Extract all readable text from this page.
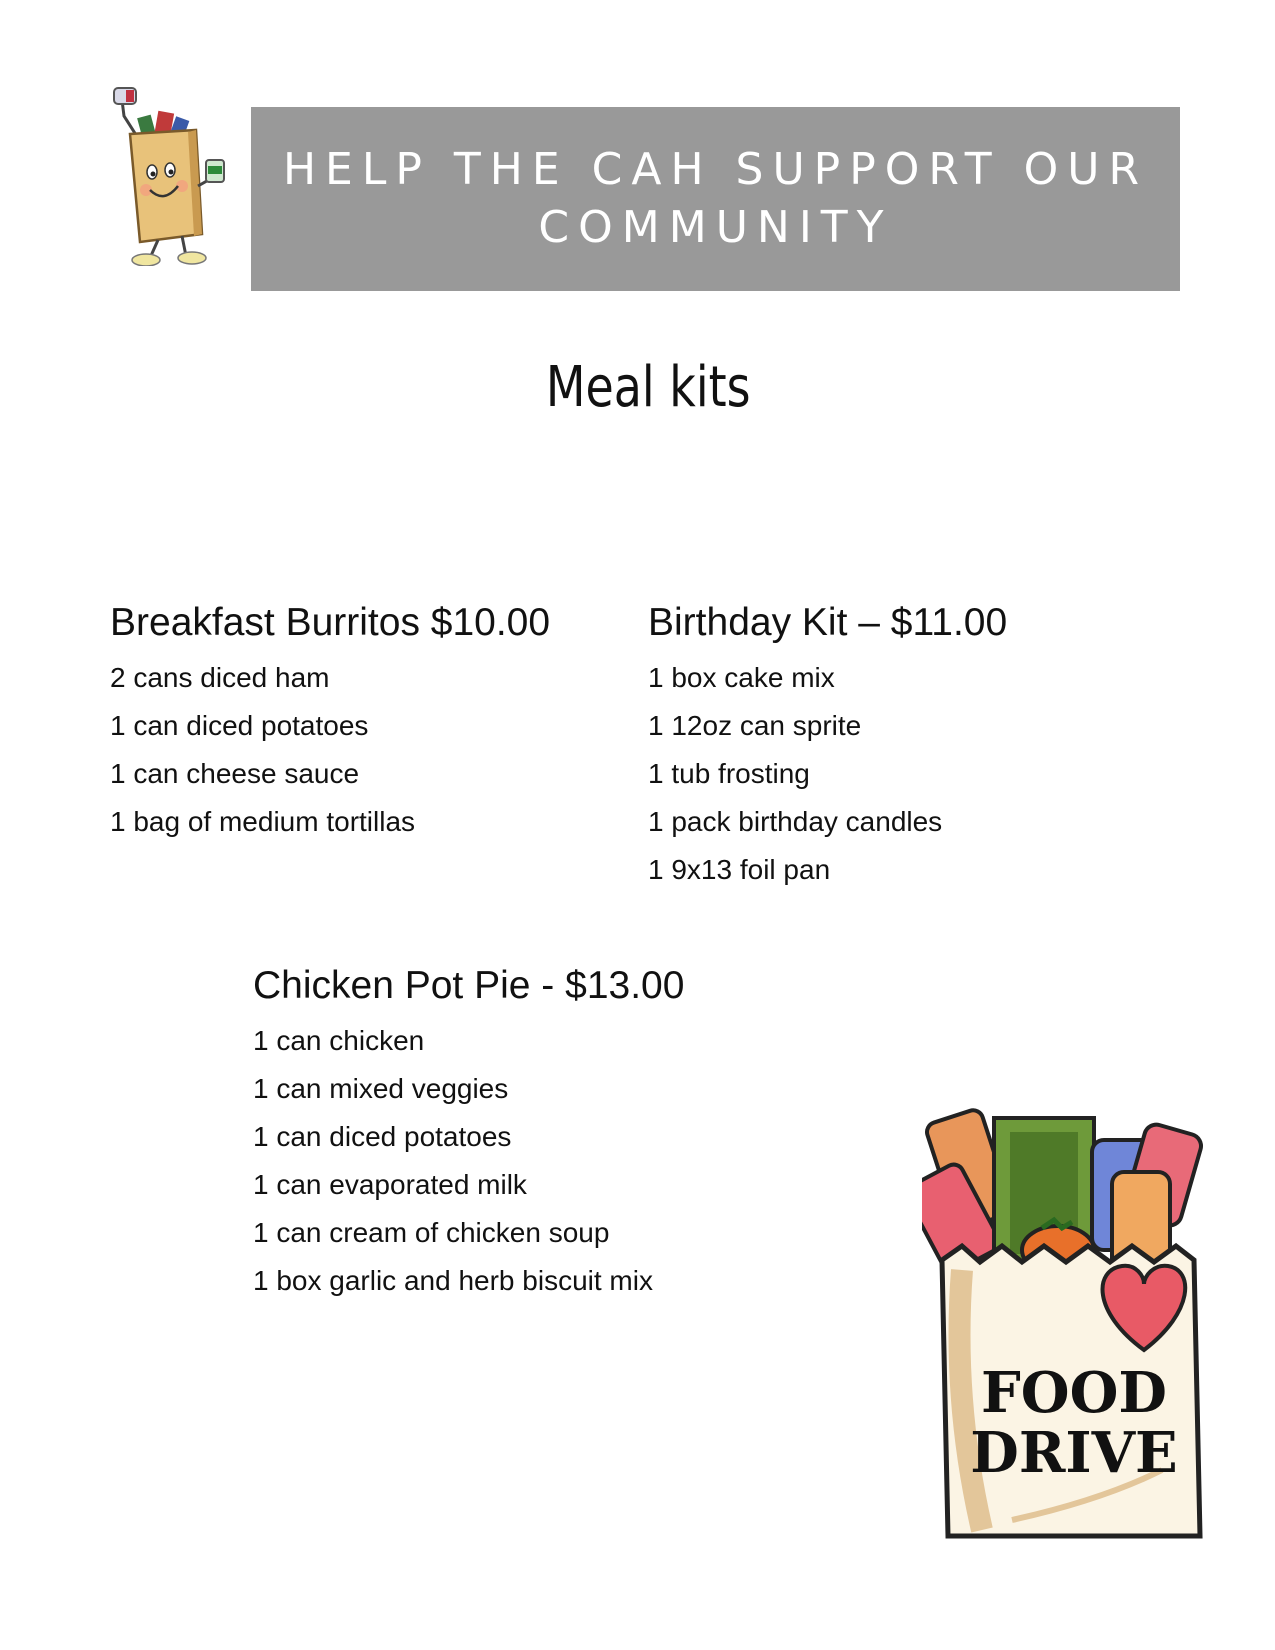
HELP THE CAH SUPPORT OUR COMMUNITY
Meal kits
Breakfast Burritos $10.00
2 cans diced ham
1 can diced potatoes
1 can cheese sauce
1 bag of medium tortillas
Birthday Kit – $11.00
1 box cake mix
1 12oz can sprite
1 tub frosting
1 pack birthday candles
1 9x13 foil pan
Chicken Pot Pie - $13.00
1 can chicken
1 can mixed veggies
1 can diced potatoes
1 can evaporated milk
1 can cream of chicken soup
1 box garlic and herb biscuit mix
FOOD
DRIVE
